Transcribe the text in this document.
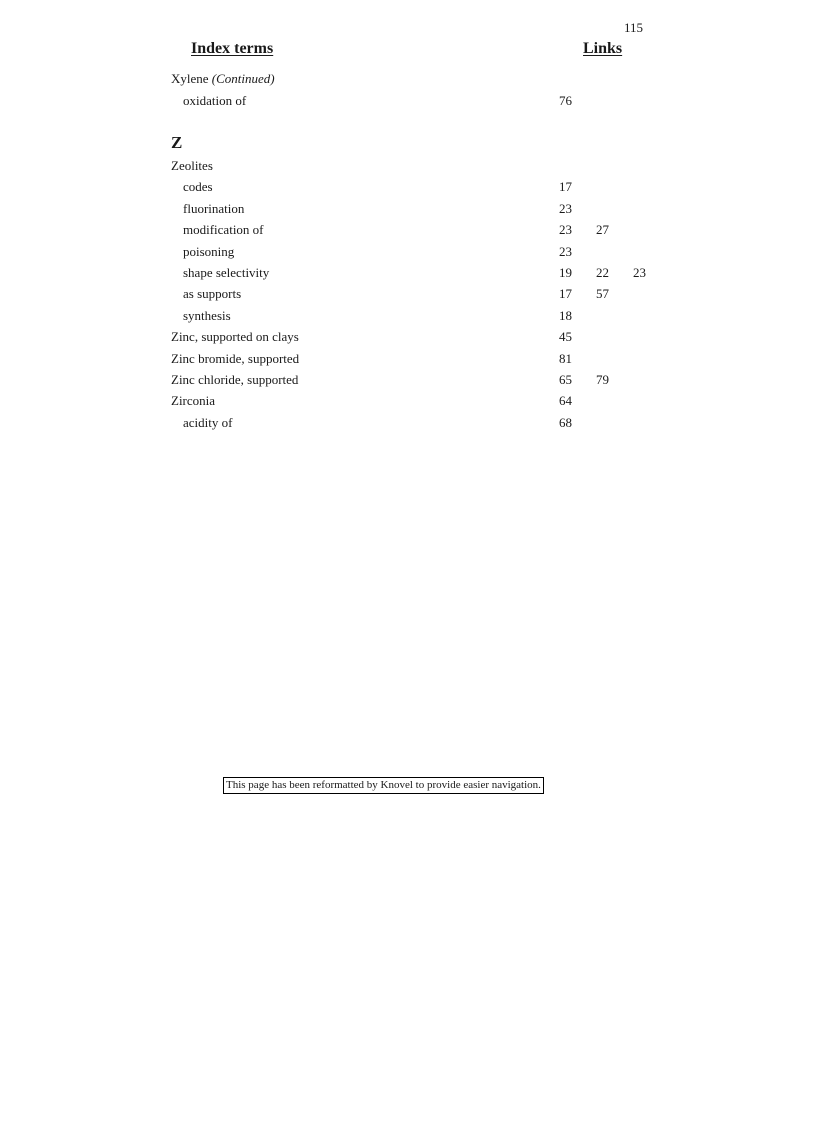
115
Index terms	Links
Xylene (Continued)
oxidation of	76
Z
Zeolites
codes	17
fluorination	23
modification of	23 27
poisoning	23
shape selectivity	19 22 23
as supports	17 57
synthesis	18
Zinc, supported on clays	45
Zinc bromide, supported	81
Zinc chloride, supported	65 79
Zirconia	64
acidity of	68
This page has been reformatted by Knovel to provide easier navigation.
